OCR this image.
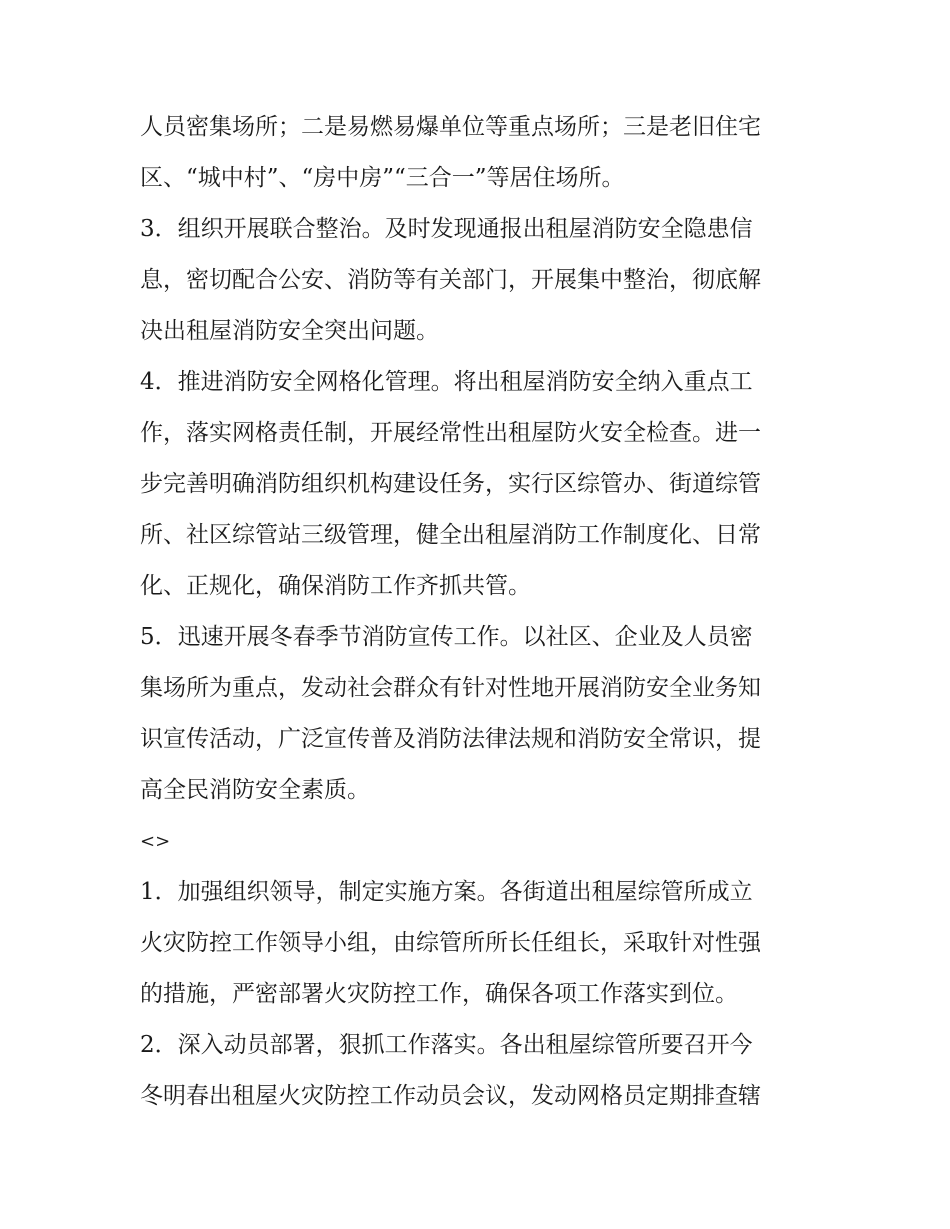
人员密集场所；二是易燃易爆单位等重点场所；三是老旧住宅
区、“城中村”、“房中房”“三合一”等居住场所。
3．组织开展联合整治。及时发现通报出租屋消防安全隐患信
息，密切配合公安、消防等有关部门，开展集中整治，彻底解
决出租屋消防安全突出问题。
4．推进消防安全网格化管理。将出租屋消防安全纳入重点工
作，落实网格责任制，开展经常性出租屋防火安全检查。进一
步完善明确消防组织机构建设任务，实行区综管办、街道综管
所、社区综管站三级管理，健全出租屋消防工作制度化、日常
化、正规化，确保消防工作齐抓共管。
5．迅速开展冬春季节消防宣传工作。以社区、企业及人员密
集场所为重点，发动社会群众有针对性地开展消防安全业务知
识宣传活动，广泛宣传普及消防法律法规和消防安全常识，提
高全民消防安全素质。
<>
1．加强组织领导，制定实施方案。各街道出租屋综管所成立
火灾防控工作领导小组，由综管所所长任组长，采取针对性强
的措施，严密部署火灾防控工作，确保各项工作落实到位。
2．深入动员部署，狠抓工作落实。各出租屋综管所要召开今
冬明春出租屋火灾防控工作动员会议，发动网格员定期排查辖
